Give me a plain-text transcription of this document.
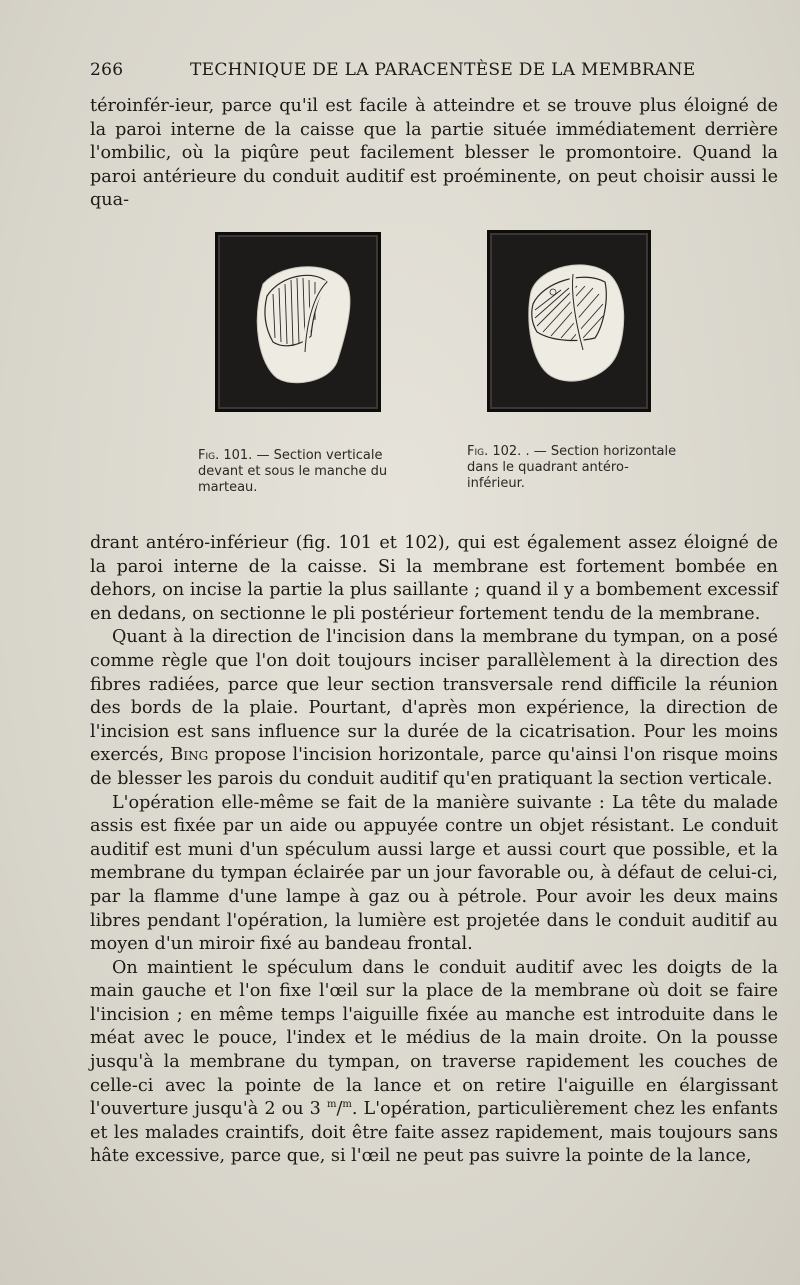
266	TECHNIQUE DE LA PARACENTÈSE DE LA MEMBRANE

téroinfér-ieur, parce qu'il est facile à atteindre et se trouve plus éloigné de la paroi interne de la caisse que la partie située immédiatement derrière l'ombilic, où la piqûre peut facilement blesser le promontoire. Quand la paroi antérieure du conduit auditif est proéminente, on peut choisir aussi le qua-

Fig. 101. — Section verticale devant et sous le manche du marteau.
Fig. 102. . — Section horizontale dans le quadrant antéro-inférieur.

drant antéro-inférieur (fig. 101 et 102), qui est également assez éloigné de la paroi interne de la caisse. Si la membrane est fortement bombée en dehors, on incise la partie la plus saillante ; quand il y a bombement excessif en dedans, on sectionne le pli postérieur fortement tendu de la membrane.

Quant à la direction de l'incision dans la membrane du tympan, on a posé comme règle que l'on doit toujours inciser parallèlement à la direction des fibres radiées, parce que leur section transversale rend difficile la réunion des bords de la plaie. Pourtant, d'après mon expérience, la direction de l'incision est sans influence sur la durée de la cicatrisation. Pour les moins exercés, Bing propose l'incision horizontale, parce qu'ainsi l'on risque moins de blesser les parois du conduit auditif qu'en pratiquant la section verticale.

L'opération elle-même se fait de la manière suivante : La tête du malade assis est fixée par un aide ou appuyée contre un objet résistant. Le conduit auditif est muni d'un spéculum aussi large et aussi court que possible, et la membrane du tympan éclairée par un jour favorable ou, à défaut de celui-ci, par la flamme d'une lampe à gaz ou à pétrole. Pour avoir les deux mains libres pendant l'opération, la lumière est projetée dans le conduit auditif au moyen d'un miroir fixé au bandeau frontal.

On maintient le spéculum dans le conduit auditif avec les doigts de la main gauche et l'on fixe l'œil sur la place de la membrane où doit se faire l'incision ; en même temps l'aiguille fixée au manche est introduite dans le méat avec le pouce, l'index et le médius de la main droite. On la pousse jusqu'à la membrane du tympan, on traverse rapidement les couches de celle-ci avec la pointe de la lance et on retire l'aiguille en élargissant l'ouverture jusqu'à 2 ou 3 $^m$/$^m$. L'opération, particulièrement chez les enfants et les malades craintifs, doit être faite assez rapidement, mais toujours sans hâte excessive, parce que, si l'œil ne peut pas suivre la pointe de la lance,
